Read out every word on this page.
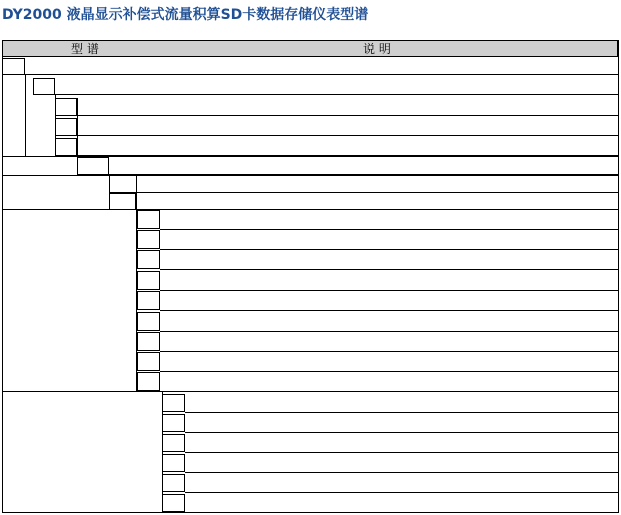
DY2000 液晶显示补偿式流量积算SD卡数据存储仪表型谱
型 谱	说 明
